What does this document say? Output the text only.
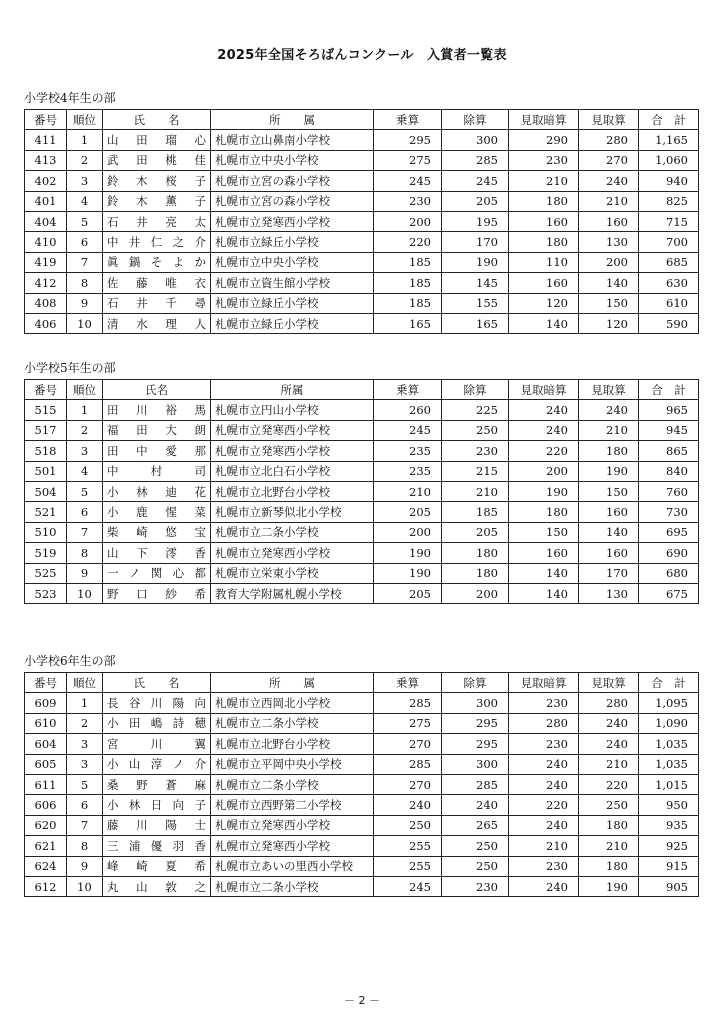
2025年全国そろばんコンクール　入賞者一覧表
小学校4年生の部
番号	順位	氏　　名	所　　属	乗算	除算	見取暗算	見取算	合　計
411	1	山田瑠心	札幌市立山鼻南小学校	295	300	290	280	1,165
413	2	武田桃佳	札幌市立中央小学校	275	285	230	270	1,060
402	3	鈴木桜子	札幌市立宮の森小学校	245	245	210	240	940
401	4	鈴木薫子	札幌市立宮の森小学校	230	205	180	210	825
404	5	石井亮太	札幌市立発寒西小学校	200	195	160	160	715
410	6	中井仁之介	札幌市立緑丘小学校	220	170	180	130	700
419	7	眞鍋そよか	札幌市立中央小学校	185	190	110	200	685
412	8	佐藤唯衣	札幌市立資生館小学校	185	145	160	140	630
408	9	石井千尋	札幌市立緑丘小学校	185	155	120	150	610
406	10	清水理人	札幌市立緑丘小学校	165	165	140	120	590
小学校5年生の部
番号	順位	氏名	所属	乗算	除算	見取暗算	見取算	合　計
515	1	田川裕馬	札幌市立円山小学校	260	225	240	240	965
517	2	福田大朗	札幌市立発寒西小学校	245	250	240	210	945
518	3	田中愛那	札幌市立発寒西小学校	235	230	220	180	865
501	4	中村司	札幌市立北白石小学校	235	215	200	190	840
504	5	小林迪花	札幌市立北野台小学校	210	210	190	150	760
521	6	小鹿惺菜	札幌市立新琴似北小学校	205	185	180	160	730
510	7	柴崎悠宝	札幌市立二条小学校	200	205	150	140	695
519	8	山下澪香	札幌市立発寒西小学校	190	180	160	160	690
525	9	一ノ関心都	札幌市立栄東小学校	190	180	140	170	680
523	10	野口紗希	教育大学附属札幌小学校	205	200	140	130	675
小学校6年生の部
番号	順位	氏　　名	所　　属	乗算	除算	見取暗算	見取算	合　計
609	1	長谷川陽向	札幌市立西岡北小学校	285	300	230	280	1,095
610	2	小田嶋詩穂	札幌市立二条小学校	275	295	280	240	1,090
604	3	宮川翼	札幌市立北野台小学校	270	295	230	240	1,035
605	3	小山淳ノ介	札幌市立平岡中央小学校	285	300	240	210	1,035
611	5	桑野蒼麻	札幌市立二条小学校	270	285	240	220	1,015
606	6	小林日向子	札幌市立西野第二小学校	240	240	220	250	950
620	7	藤川陽士	札幌市立発寒西小学校	250	265	240	180	935
621	8	三浦優羽香	札幌市立発寒西小学校	255	250	210	210	925
624	9	峰崎夏希	札幌市立あいの里西小学校	255	250	230	180	915
612	10	丸山敦之	札幌市立二条小学校	245	230	240	190	905
－ 2 －
